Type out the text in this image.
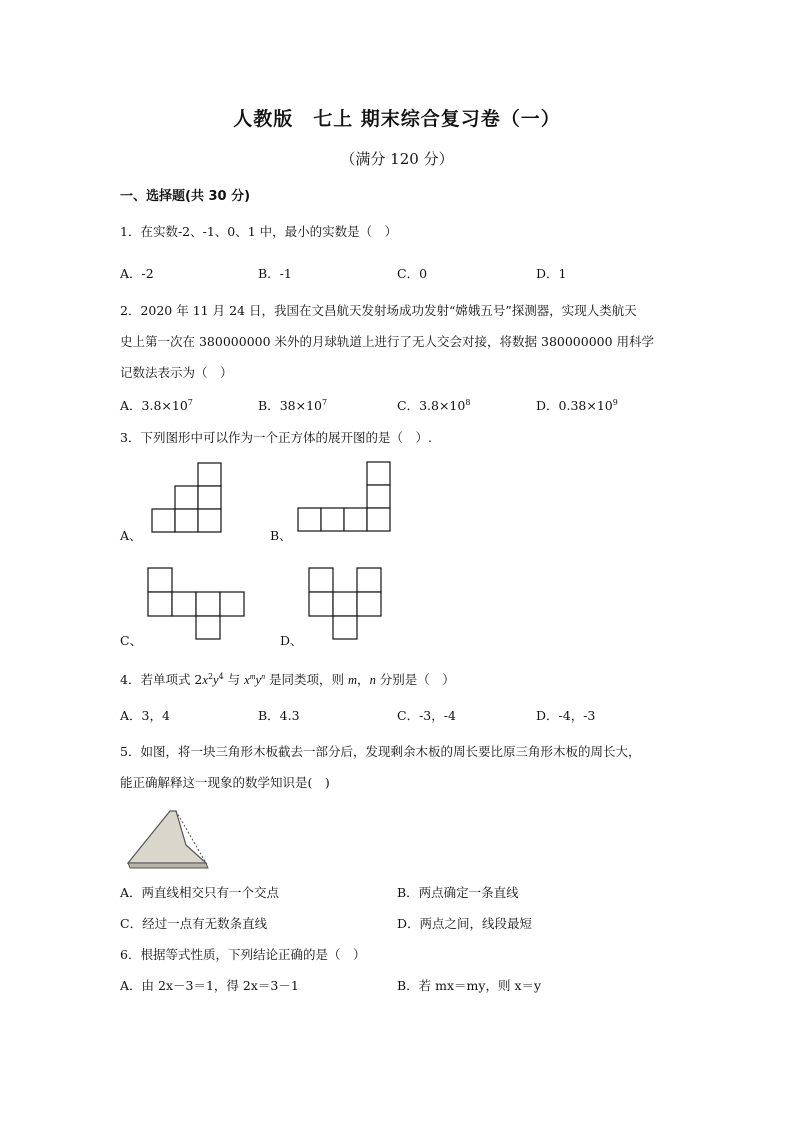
人教版　七上 期末综合复习卷（一）
（满分 120 分）
一、选择题(共 30 分)
1．在实数-2、-1、0、1 中，最小的实数是（　）
A．-2	B．-1	C．0	D．1
2．2020 年 11 月 24 日，我国在文昌航天发射场成功发射“嫦娥五号”探测器，实现人类航天
史上第一次在 380000000 米外的月球轨道上进行了无人交会对接，将数据 380000000 用科学
记数法表示为（　）
A．$3.8\times 10^7$	B．$38\times 10^7$	C．$3.8\times 10^8$	D．$0.38\times 10^9$
3．下列图形中可以作为一个正方体的展开图的是（　）.
A、	B、
C、	D、
4．若单项式 $2x^2y^4$ 与 $x^my^n$ 是同类项，则 m，n 分别是（　）
A．3，4	B．4.3	C．-3，-4	D．-4，-3
5．如图，将一块三角形木板截去一部分后，发现剩余木板的周长要比原三角形木板的周长大，
能正确解释这一现象的数学知识是(　)
A．两直线相交只有一个交点	B．两点确定一条直线
C．经过一点有无数条直线	D．两点之间，线段最短
6．根据等式性质，下列结论正确的是（　）
A．由 2x－3＝1，得 2x＝3－1	B．若 mx＝my，则 x＝y
